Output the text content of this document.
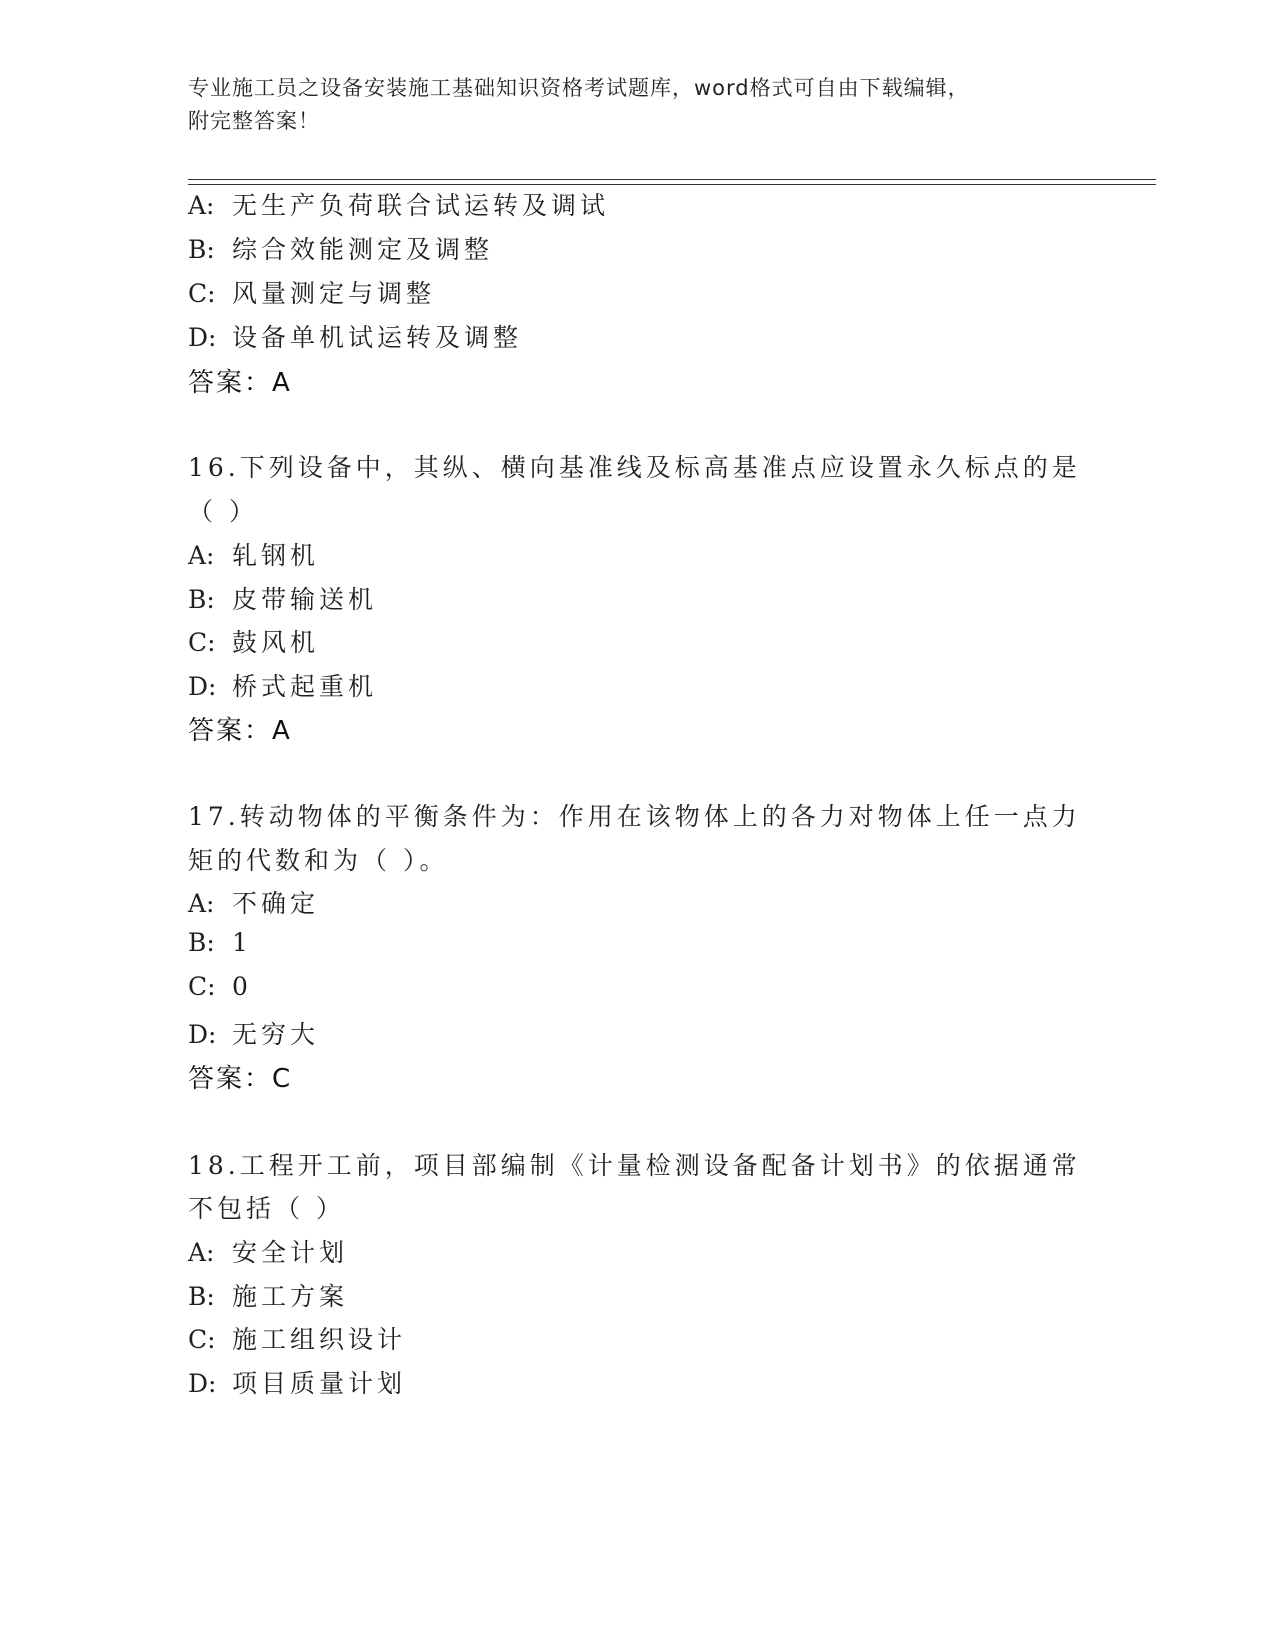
专业施工员之设备安装施工基础知识资格考试题库，word格式可自由下载编辑，
附完整答案！
A: 无生产负荷联合试运转及调试
B: 综合效能测定及调整
C: 风量测定与调整
D: 设备单机试运转及调整
答案：A
16.下列设备中，其纵、横向基准线及标高基准点应设置永久标点的是
（ ）
A: 轧钢机
B: 皮带输送机
C: 鼓风机
D: 桥式起重机
答案：A
17.转动物体的平衡条件为：作用在该物体上的各力对物体上任一点力
矩的代数和为（ ）。
A: 不确定
B: 1
C: 0
D: 无穷大
答案：C
18.工程开工前，项目部编制《计量检测设备配备计划书》的依据通常
不包括（ ）
A: 安全计划
B: 施工方案
C: 施工组织设计
D: 项目质量计划
